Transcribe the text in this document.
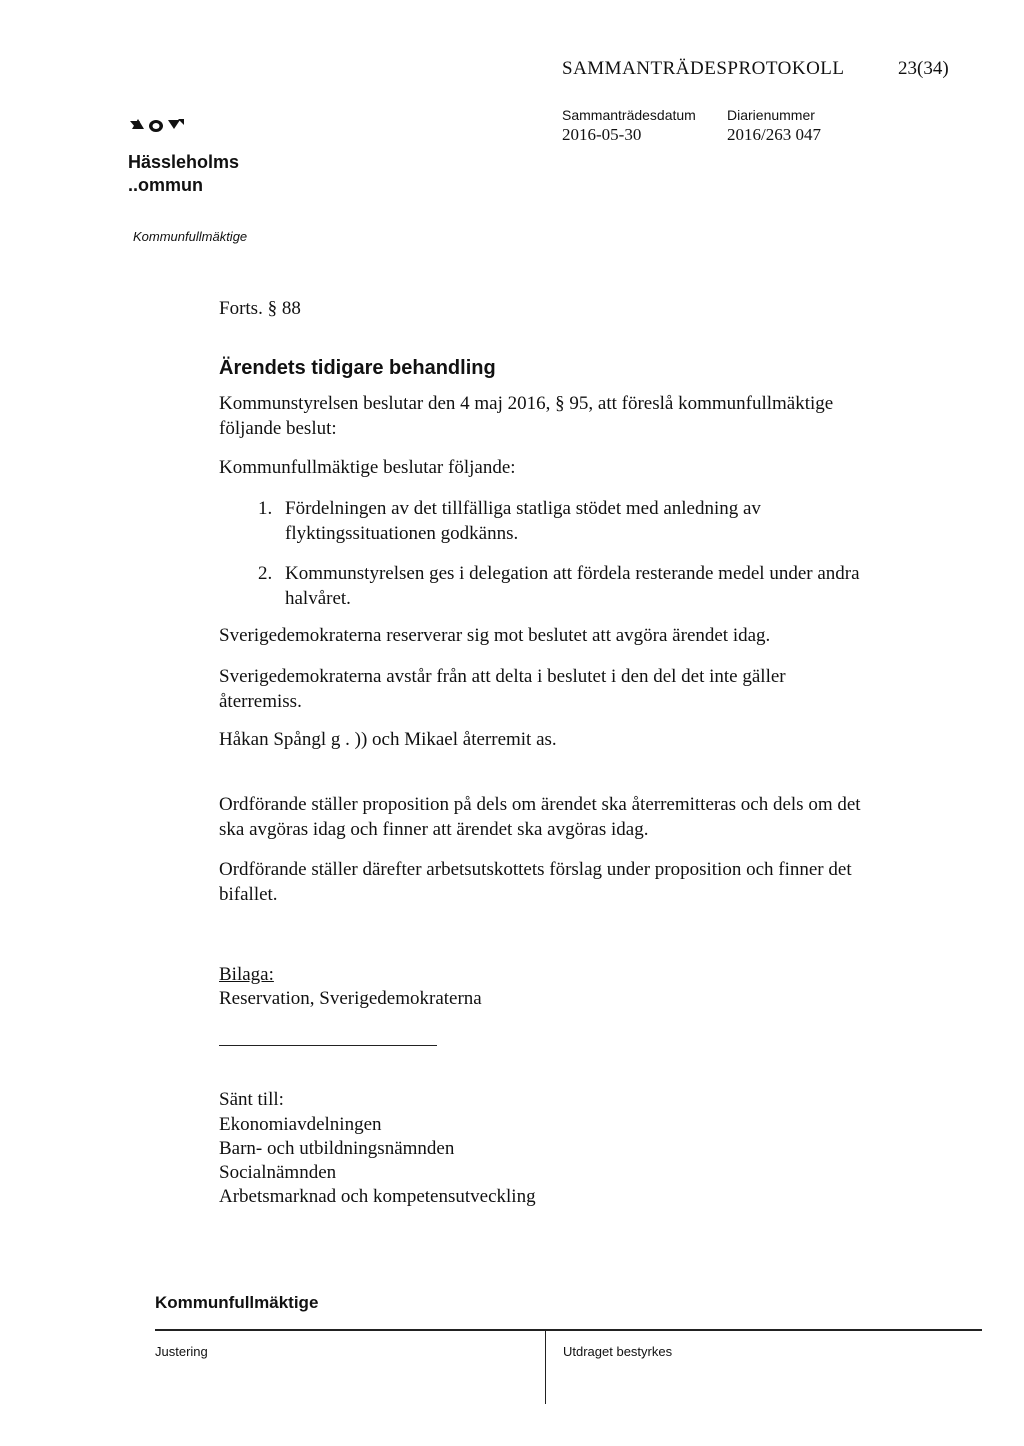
SAMMANTRÄDESPROTOKOLL	23(34)
Sammanträdesdatum
2016-05-30
Diarienummer
2016/263 047
Hässleholms
..ommun
Kommunfullmäktige
Forts. § 88
Ärendets tidigare behandling
Kommunstyrelsen beslutar den 4 maj 2016, § 95, att föreslå kommunfullmäktige följande beslut:
Kommunfullmäktige beslutar följande:
1. Fördelningen av det tillfälliga statliga stödet med anledning av flyktingssituationen godkänns.
2. Kommunstyrelsen ges i delegation att fördela resterande medel under andra halvåret.
Sverigedemokraterna reserverar sig mot beslutet att avgöra ärendet idag.
Sverigedemokraterna avstår från att delta i beslutet i den del det inte gäller återremiss.
Håkan Spångl g . )) och Mikael återremit as.
Ordförande ställer proposition på dels om ärendet ska återremitteras och dels om det ska avgöras idag och finner att ärendet ska avgöras idag.
Ordförande ställer därefter arbetsutskottets förslag under proposition och finner det bifallet.
Bilaga:
Reservation, Sverigedemokraterna
Sänt till:
Ekonomiavdelningen
Barn- och utbildningsnämnden
Socialnämnden
Arbetsmarknad och kompetensutveckling
Kommunfullmäktige
Justering	Utdraget bestyrkes
